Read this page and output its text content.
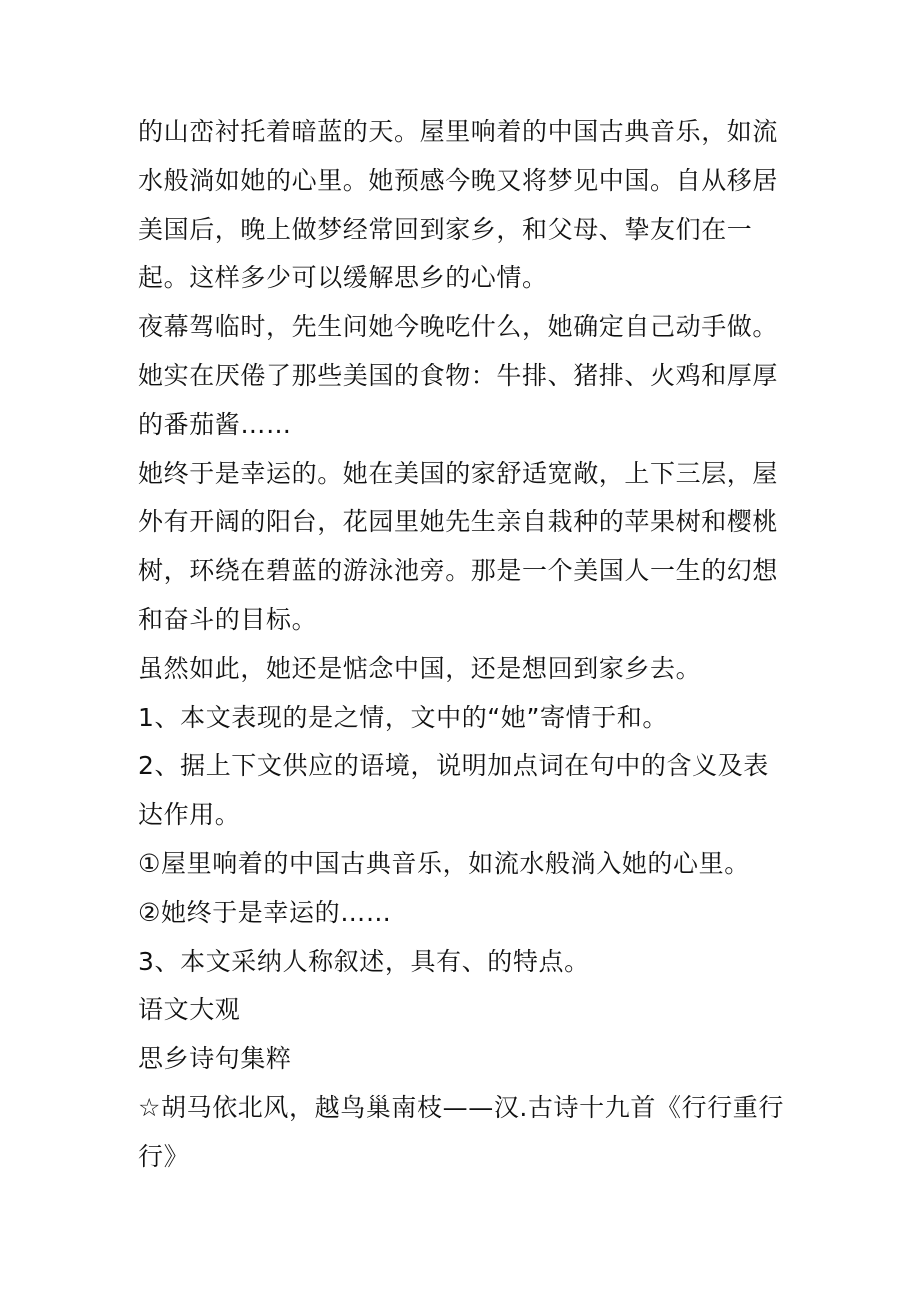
的山峦衬托着暗蓝的天。屋里响着的中国古典音乐，如流水般淌如她的心里。她预感今晚又将梦见中国。自从移居美国后，晚上做梦经常回到家乡，和父母、挚友们在一起。这样多少可以缓解思乡的心情。

夜幕驾临时，先生问她今晚吃什么，她确定自己动手做。她实在厌倦了那些美国的食物：牛排、猪排、火鸡和厚厚的番茄酱……

她终于是幸运的。她在美国的家舒适宽敞，上下三层，屋外有开阔的阳台，花园里她先生亲自栽种的苹果树和樱桃树，环绕在碧蓝的游泳池旁。那是一个美国人一生的幻想和奋斗的目标。

虽然如此，她还是惦念中国，还是想回到家乡去。

1、本文表现的是之情，文中的“她”寄情于和。

2、据上下文供应的语境，说明加点词在句中的含义及表达作用。

①屋里响着的中国古典音乐，如流水般淌入她的心里。

②她终于是幸运的……

3、本文采纳人称叙述，具有、的特点。

语文大观

思乡诗句集粹

☆胡马依北风，越鸟巢南枝——汉.古诗十九首《行行重行行》
